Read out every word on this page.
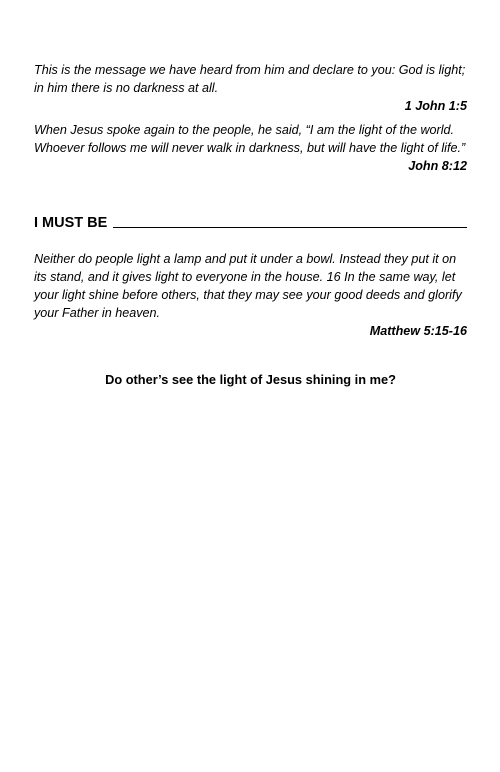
This is the message we have heard from him and declare to you: God is light; in him there is no darkness at all.

1 John 1:5

When Jesus spoke again to the people, he said, “I am the light of the world. Whoever follows me will never walk in darkness, but will have the light of life.”

John 8:12

I MUST BE

Neither do people light a lamp and put it under a bowl. Instead they put it on its stand, and it gives light to everyone in the house. 16 In the same way, let your light shine before others, that they may see your good deeds and glorify your Father in heaven.

Matthew 5:15-16

Do other’s see the light of Jesus shining in me?
